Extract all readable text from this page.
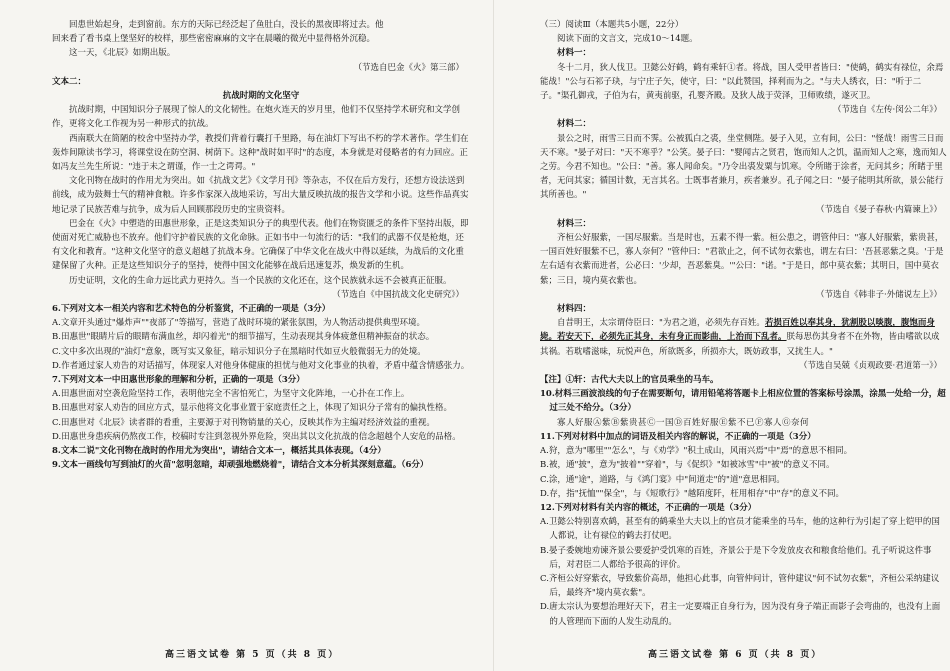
回患世始起身，走到窗前。东方的天际已经泛起了鱼肚白，没长的黑夜即将过去。他

回来看了看书桌上堡坚好的校样，那些密密麻麻的文字在晨曦的微光中显得格外沉稳。

这一天，《北辰》如期出版。

（节选自巴金《火》第三部）

文本二：

抗战时期的文化坚守

抗战时期，中国知识分子展现了惊人的文化韧性。在炮火连天的岁月里，他们不仅坚持学术研究和文学创作，更将文化工作视为另一种形式的抗战。

西南联大在简陋的校舍中坚持办学，教授们背着行囊打千里路，每在油灯下写出不朽的学术著作。学生们在轰炸间隙读书学习，将课堂设在防空洞、树荫下。这种"战时如平时"的态度，本身就是对侵略者的有力回应。正如冯友兰先生所说："违于未之谓谨，作一士之谔谔。"

文化刊物在战时的作用尤为突出。如《抗战文艺》《文学月刊》等杂志，不仅在后方发行，还想方设法送到前线，成为鼓舞士气的精神食粮。许多作家深入战地采访，写出大量反映抗战的报告文学和小说。这些作品真实地记录了民族苦难与抗争，成为后人回顾那段历史的宝贵资料。

巴金在《火》中塑造的田惠世形象，正是这类知识分子的典型代表。他们在物资匮乏的条件下坚持出版，即使面对死亡威胁也不放弃。他们守护着民族的文化命脉。正如书中一句流行的话："我们的武器不仅是枪炮，还有文化和教育。"这种文化坚守的意义超越了抗战本身。它确保了中华文化在战火中得以延续，为战后的文化重建保留了火种。正是这些知识分子的坚持，使得中国文化能够在战后迅速复苏，焕发新的生机。

历史证明，文化的生命力远比武力更持久。当一个民族的文化还在，这个民族就永远不会被真正征服。

（节选自《中国抗战文化史研究》）

6.下列对文本一相关内容和艺术特色的分析鉴赏，不正确的一项是（3分）

A.文章开头通过"爆炸声""夜部了"等描写，营造了战时环境的紧张氛围，为人物活动提供典型环境。

B.田惠世"眼睛片后的眼睛布满血丝，却闪着光"的细节描写，生动表现其身体疲惫但精神振奋的状态。

C.文中多次出现的"油灯"意象，既写实又象征，暗示知识分子在黑暗时代如豆火般微弱无力的处境。

D.作者通过家人劝告的对话描写，体现家人对他身体健康的担忧与他对文化事业的执着，矛盾中蕴含情感张力。

7.下列对文本一中田惠世形象的理解和分析，正确的一项是（3分）

A.田惠世面对空袭危险坚持工作，表明他完全不害怕死亡，为坚守文化阵地，一心扑在工作上。

B.田惠世对家人劝告的回应方式，显示他将文化事业置于家庭责任之上，体现了知识分子常有的偏执性格。

C.田惠世对《北辰》读者群的看重，主要源于对刊物销量的关心，反映其作为主编对经济效益的重视。

D.田惠世身患疾病仍熬夜工作，校稿时专注到忽视外界危险，突出其以文化抗战的信念超越个人安危的品格。

8.文本二说"文化刊物在战时的作用尤为突出"，请结合文本一，概括其具体表现。（4分）

9.文本一画线句写到油灯的火苗"忽明忽暗，却顽强地燃烧着"，请结合文本分析其深刻意蕴。（6分）

（三）阅读Ⅲ（本题共5小题，22分）

阅读下面的文言文，完成10～14题。

材料一：

冬十二月，狄人伐卫。卫懿公好鹤，鹤有乘轩①者。将战，国人受甲者皆曰："使鹤，鹤实有禄位，余焉能战！"公与石祁子玦，与宁庄子矢，使守，曰："以此赞国，择利而为之。"与夫人绣衣，曰："听于二子。"渠孔御戎，子伯为右，黄夷前驱，孔婴齐殿。及狄人战于荧泽，卫师败绩，遂灭卫。

（节选自《左传·闵公二年》）

材料二：

景公之时，雨雪三日而不霁。公被狐白之裘，坐堂侧陛。晏子入见，立有间，公曰："怪哉！雨雪三日而天不寒。"晏子对曰："天不寒乎？"公笑。晏子曰："婴闻古之贤君，饱而知人之饥，温而知人之寒，逸而知人之劳。今君不知也。"公曰："善。寡人闻命矣。"乃令出裘发粟与饥寒。令所睹于涂者，无问其乡；所睹于里者，无问其家；循国计数，无言其名。士既事者兼月，疾者兼岁。孔子闻之曰："晏子能明其所欲，景公能行其所善也。"

（节选自《晏子春秋·内篇谏上》）

材料三：

齐桓公好服紫，一国尽服紫。当是时也，五素不得一紫。桓公患之，谓管仲曰："寡人好服紫，紫贵甚，一国百姓好服紫不已，寡人奈何？"管仲曰："君欲止之，何不试勿衣紫也，谓左右曰：'吾甚恶紫之臭。'于是左右适有衣紫而进者，公必曰：'少却，吾恶紫臭。'"公曰："诺。"于是日，郎中莫衣紫；其明日，国中莫衣紫；三日，境内莫衣紫也。

（节选自《韩非子·外储说左上》）

材料四：

自昔明王，太宗谓侍臣曰："为君之道，必须先存百姓。若损百姓以奉其身，犹割股以啖腹，腹饱而身毙。若安天下，必须先正其身，未有身正而影曲，上治而下乱者。朕每思伤其身者不在外物，皆由嗜欲以成其祸。若耽嗜滋味，玩悦声色，所欲既多，所损亦大，既妨政事，又扰生人。"

（节选自吴兢《贞观政要·君道第一》）

【注】①轩：古代大夫以上的官员乘坐的马车。

10.材料三画波浪线的句子在需要断句，请用铅笔将答题卡上相应位置的答案标号涂黑，涂黑一处给一分，超过三处不给分。（3分）

寡人好服Ⓐ紫Ⓑ紫贵甚Ⓒ一国Ⓓ百姓好服Ⓔ紫不已Ⓕ寡人Ⓖ奈何

11.下列对材料中加点的词语及相关内容的解说，不正确的一项是（3分）

A.狩，意为"哪里""怎么"，与《劝学》"积土成山，风雨兴焉"中"焉"的意思不相同。

B.被，通"披"，意为"披着""穿着"，与《促织》"如被冰雪"中"被"的意义不同。

C.涂，通"途"，道路，与《鸿门宴》中"间道走"的"道"意思相同。

D.存，指"抚恤""保全"，与《短歌行》"越陌度阡，枉用相存"中"存"的意义不同。

12.下列对材料有关内容的概述，不正确的一项是（3分）

A.卫懿公特别喜欢鹤，甚至有的鹤乘坐大夫以上的官员才能乘坐的马车，他的这种行为引起了穿上铠甲的国人都说，让有禄位的鹤去打仗吧。

B.晏子委婉地劝谏齐景公要爱护受饥寒的百姓，齐景公于是下令发放皮衣和粮食给他们。孔子听说这件事后，对君臣二人都给予很高的评价。

C.齐桓公好穿紫衣，导致紫价高昂，他担心此事，向管仲问计，管仲建议"何不试勿衣紫"，齐桓公采纳建议后，最终齐"境内莫衣紫"。

D.唐太宗认为要想治理好天下，君主一定要端正自身行为，因为没有身子端正而影子会弯曲的，也没有上面的人管理而下面的人发生动乱的。

高三语文试卷 第 5 页（共 8 页）	高三语文试卷 第 6 页（共 8 页）
